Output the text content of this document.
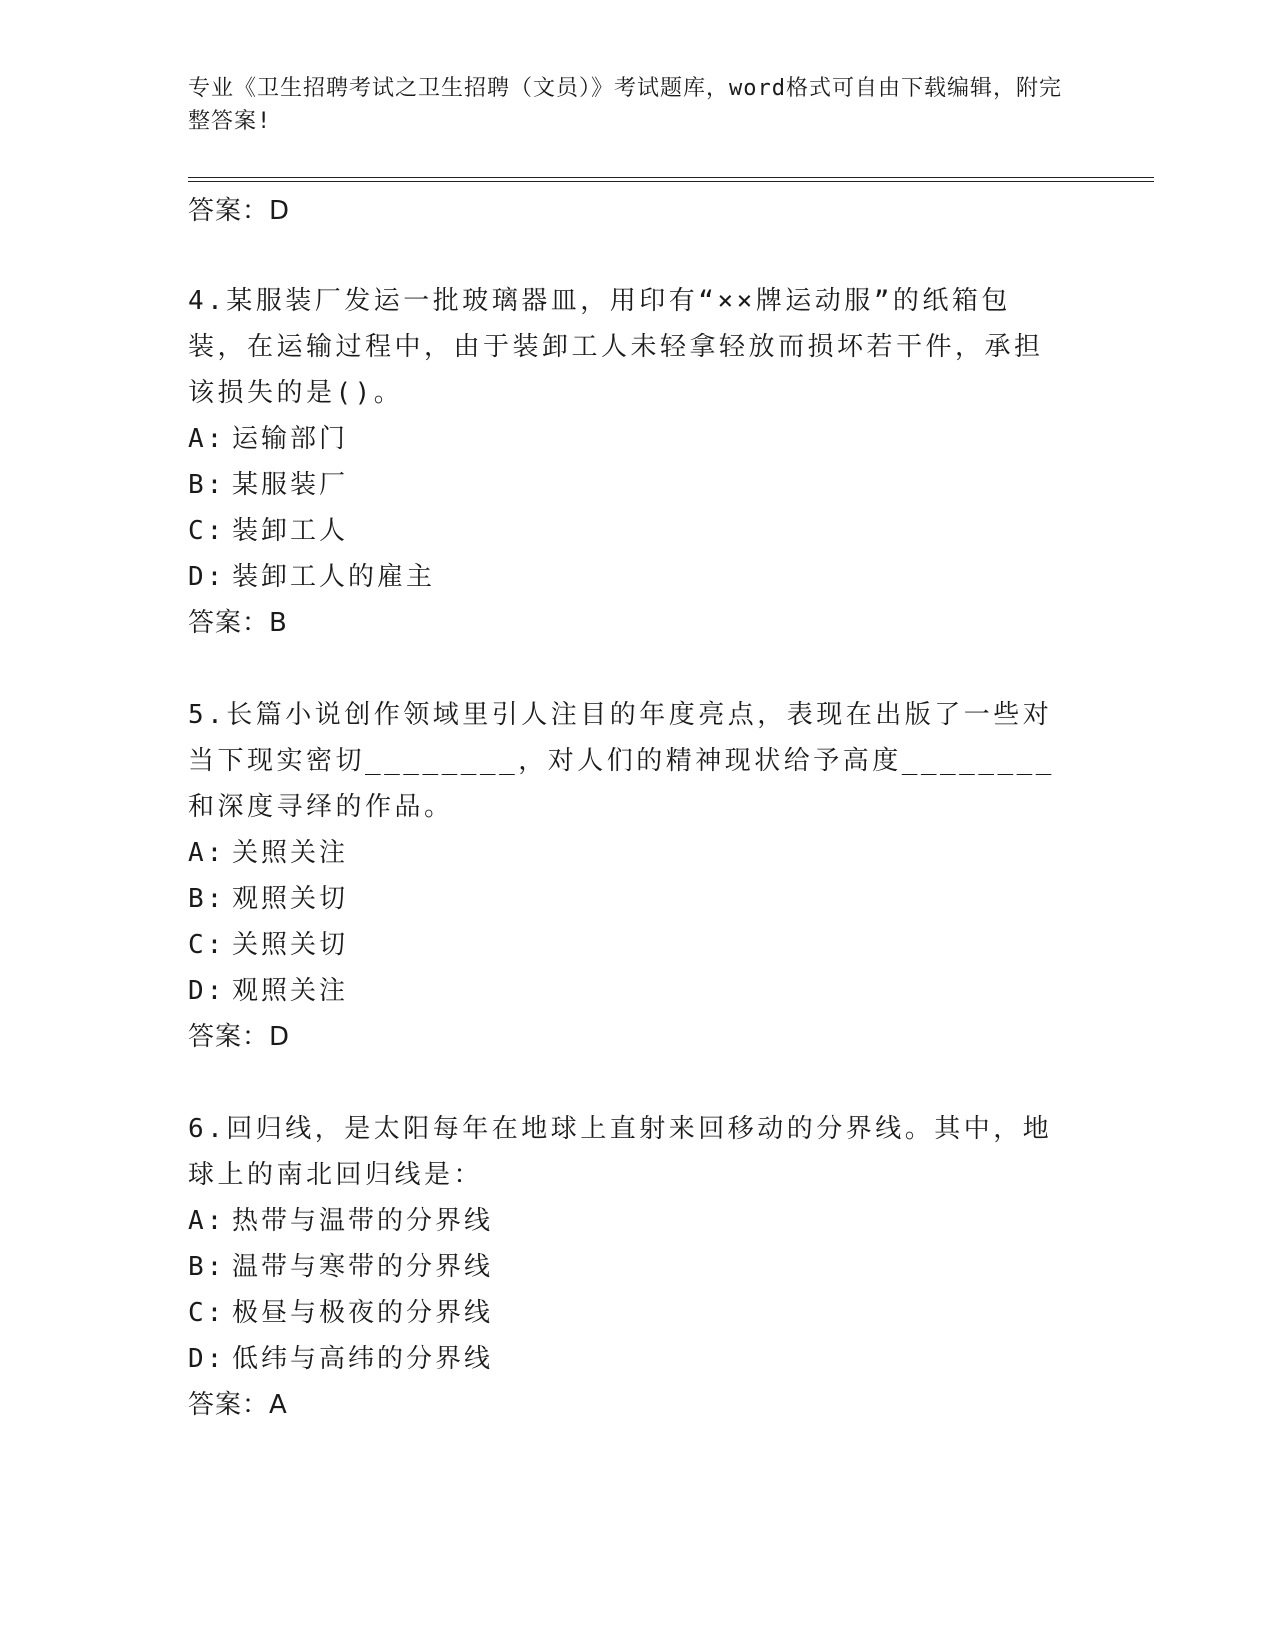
专业《卫生招聘考试之卫生招聘（文员）》考试题库，word格式可自由下载编辑，附完整答案!
答案：D

4.某服装厂发运一批玻璃器皿，用印有“××牌运动服”的纸箱包装，在运输过程中，由于装卸工人未轻拿轻放而损坏若干件，承担该损失的是()。

A: 运输部门
B: 某服装厂
C: 装卸工人
D: 装卸工人的雇主
答案：B

5.长篇小说创作领域里引人注目的年度亮点，表现在出版了一些对当下现实密切________，对人们的精神现状给予高度________和深度寻绎的作品。

A: 关照关注
B: 观照关切
C: 关照关切
D: 观照关注
答案：D

6.回归线，是太阳每年在地球上直射来回移动的分界线。其中，地球上的南北回归线是：

A: 热带与温带的分界线
B: 温带与寒带的分界线
C: 极昼与极夜的分界线
D: 低纬与高纬的分界线
答案：A
